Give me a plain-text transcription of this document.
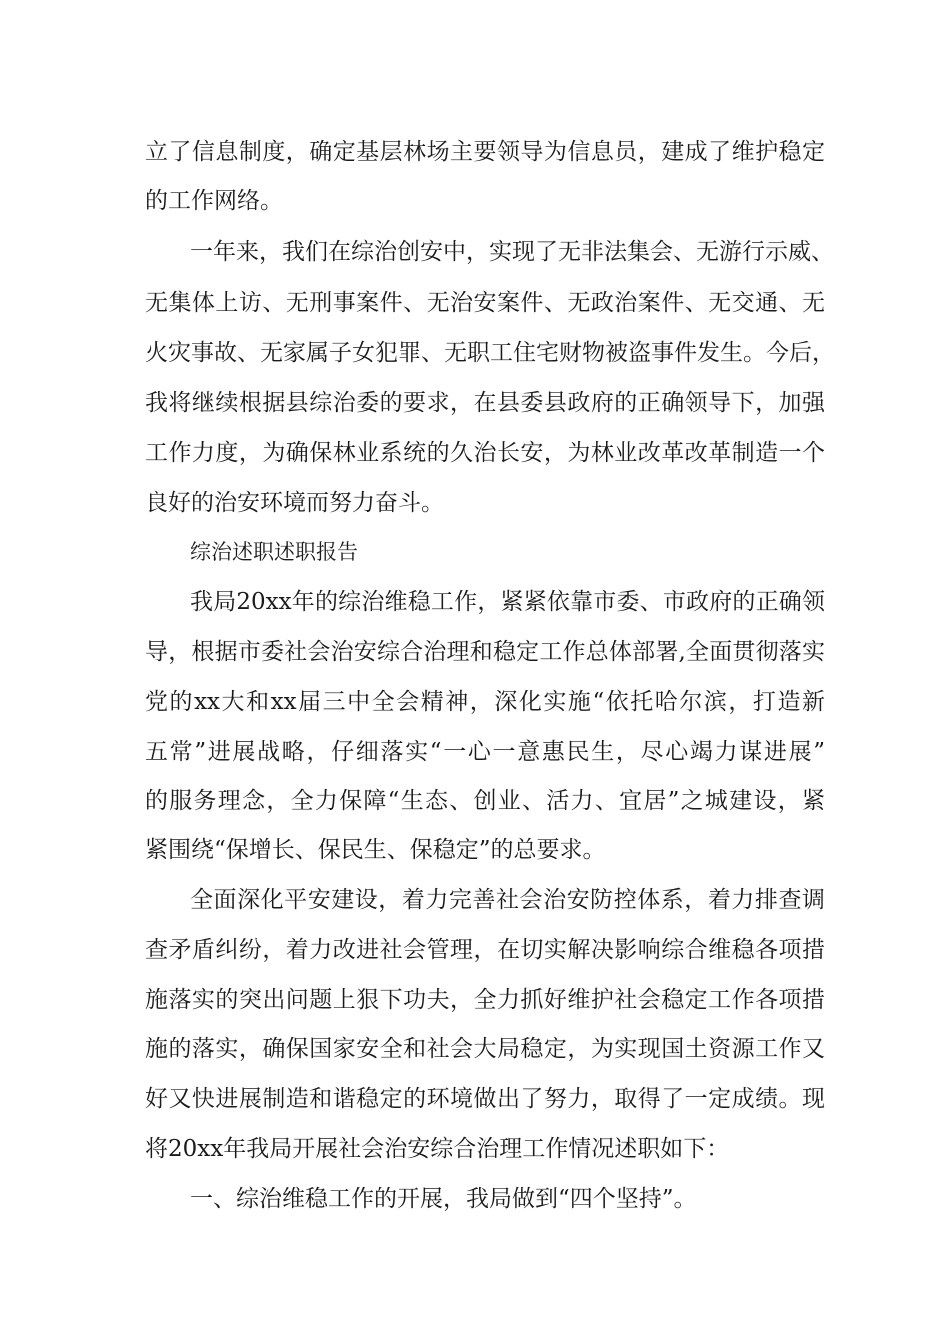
立了信息制度，确定基层林场主要领导为信息员，建成了维护稳定
的工作网络。
一年来，我们在综治创安中，实现了无非法集会、无游行示威、
无集体上访、无刑事案件、无治安案件、无政治案件、无交通、无
火灾事故、无家属子女犯罪、无职工住宅财物被盗事件发生。今后，
我将继续根据县综治委的要求，在县委县政府的正确领导下，加强
工作力度，为确保林业系统的久治长安，为林业改革改革制造一个
良好的治安环境而努力奋斗。
综治述职述职报告
我局20xx年的综治维稳工作，紧紧依靠市委、市政府的正确领
导，根据市委社会治安综合治理和稳定工作总体部署,全面贯彻落实
党的xx大和xx届三中全会精神，深化实施“依托哈尔滨，打造新
五常”进展战略，仔细落实“一心一意惠民生，尽心竭力谋进展”
的服务理念，全力保障“生态、创业、活力、宜居”之城建设，紧
紧围绕“保增长、保民生、保稳定”的总要求。
全面深化平安建设，着力完善社会治安防控体系，着力排查调
查矛盾纠纷，着力改进社会管理，在切实解决影响综合维稳各项措
施落实的突出问题上狠下功夫，全力抓好维护社会稳定工作各项措
施的落实，确保国家安全和社会大局稳定，为实现国土资源工作又
好又快进展制造和谐稳定的环境做出了努力，取得了一定成绩。现
将20xx年我局开展社会治安综合治理工作情况述职如下：
一、综治维稳工作的开展，我局做到“四个坚持”。
